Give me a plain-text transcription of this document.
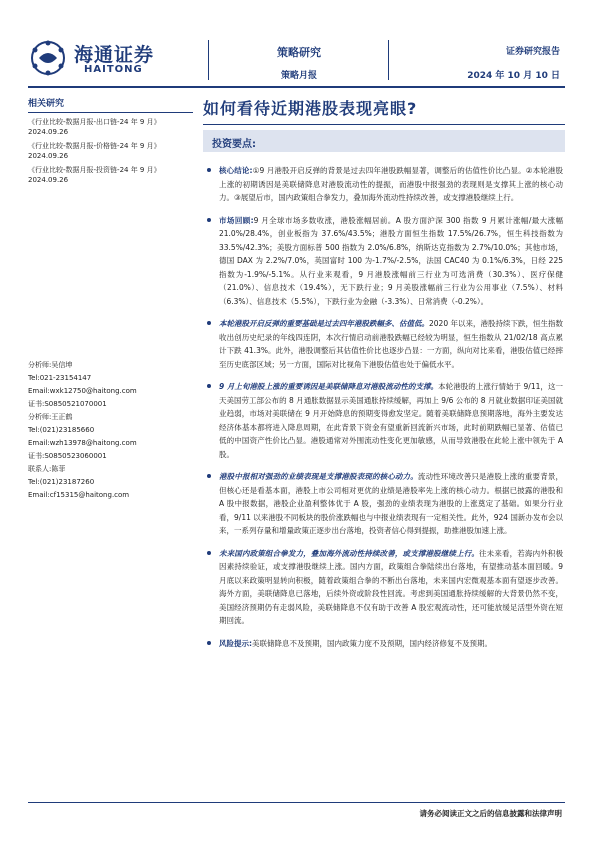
海通证券
HAITONG
策略研究
策略月报
证券研究报告
2024 年 10 月 10 日
相关研究
《行业比较-数据月报-出口链-24 年 9 月》
2024.09.26
《行业比较-数据月报-价格链-24 年 9 月》
2024.09.26
《行业比较-数据月报-投资链-24 年 9 月》
2024.09.26
分析师:吴信坤
Tel:021-23154147
Email:wxk12750@haitong.com
证书:S0850521070001
分析师:王正鹤
Tel:(021)23185660
Email:wzh13978@haitong.com
证书:S0850523060001
联系人:陈菲
Tel:(021)23187260
Email:cf15315@haitong.com
如何看待近期港股表现亮眼?
投资要点:
核心结论:①9 月港股开启反弹的背景是过去四年港股跌幅显著，调整后的估值性价比凸显。②本轮港股上涨的初期诱因是美联储降息对港股流动性的提振，而港股中报强劲的表现则是支撑其上涨的核心动力。③展望后市，国内政策组合拳发力，叠加海外流动性持续改善，或支撑港股继续上行。
市场回顾:9 月全球市场多数收涨，港股涨幅居前。A 股方面沪深 300 指数 9 月累计涨幅/最大涨幅 21.0%/28.4%，创业板指为 37.6%/43.5%；港股方面恒生指数 17.5%/26.7%，恒生科技指数为 33.5%/42.3%；美股方面标普 500 指数为 2.0%/6.8%，纳斯达克指数为 2.7%/10.0%；其他市场，德国 DAX 为 2.2%/7.0%，英国富时 100 为-1.7%/-2.5%，法国 CAC40 为 0.1%/6.3%，日经 225 指数为-1.9%/-5.1%。从行业来观看，9 月港股涨幅前三行业为可选消费（30.3%）、医疗保健（21.0%）、信息技术（19.4%），无下跌行业；9 月美股涨幅前三行业为公用事业（7.5%）、材料（6.3%）、信息技术（5.5%），下跌行业为金融（-3.3%）、日常消费（-0.2%）。
本轮港股开启反弹的重要基础是过去四年港股跌幅多、估值低。2020 年以来，港股持续下跌，恒生指数收出创历史纪录的年线四连阴，本次行情启动前港股跌幅已经较为明显，恒生指数从 21/02/18 高点累计下跌 41.3%。此外，港股调整后其估值性价比也逐步凸显：一方面，纵向对比来看，港股估值已经摔至历史底部区域；另一方面，国际对比视角下港股估值也处于偏低水平。
9 月上旬港股上涨的重要诱因是美联储降息对港股流动性的支撑。本轮港股的上涨行情始于 9/11，这一天美国劳工部公布的 8 月通胀数据显示美国通胀持续缓解，再加上 9/6 公布的 8 月就业数据印证美国就业趋弱，市场对美联储在 9 月开始降息的预期变得愈发坚定。随着美联储降息预期落地，海外主要发达经济体基本都将进入降息周期，在此背景下资金有望重新回流新兴市场，此时前期跌幅已显著、估值已低的中国资产性价比凸显。港股通常对外围流动性变化更加敏感，从而导致港股在此轮上涨中领先于 A 股。
港股中报相对强劲的业绩表现是支撑港股表现的核心动力。流动性环境改善只是港股上涨的重要背景，但核心还是看基本面，港股上市公司相对更优的业绩是港股率先上涨的核心动力。根据已披露的港股和 A 股中报数据，港股企业盈利整体优于 A 股，强劲的业绩表现为港股的上涨奠定了基础。如果分行业看，9/11 以来港股不同板块的股价涨跌幅也与中报业绩表现有一定相关性。此外，924 国新办发布会以来，一系列存量和增量政策正逐步出台落地，投资者信心得到提振，助推港股加速上涨。
未来国内政策组合拳发力，叠加海外流动性持续改善，或支撑港股继续上行。往未来看，若海内外积极因素持续验证，或支撑港股继续上涨。国内方面，政策组合拳陆续出台落地，有望推动基本面回暖。9 月底以来政策明显转向积极，随着政策组合拳的不断出台落地，未来国内宏微观基本面有望逐步改善。海外方面，美联储降息已落地，后续外资或阶段性回流。考虑到美国通胀持续缓解的大背景仍然不变，美国经济预期仍有走弱风险，美联储降息不仅有助于改善 A 股宏观流动性，还可能放缓足活型外资在短期回流。
风险提示:美联储降息不及预期，国内政策力度不及预期，国内经济修复不及预期。
请务必阅读正文之后的信息披露和法律声明
